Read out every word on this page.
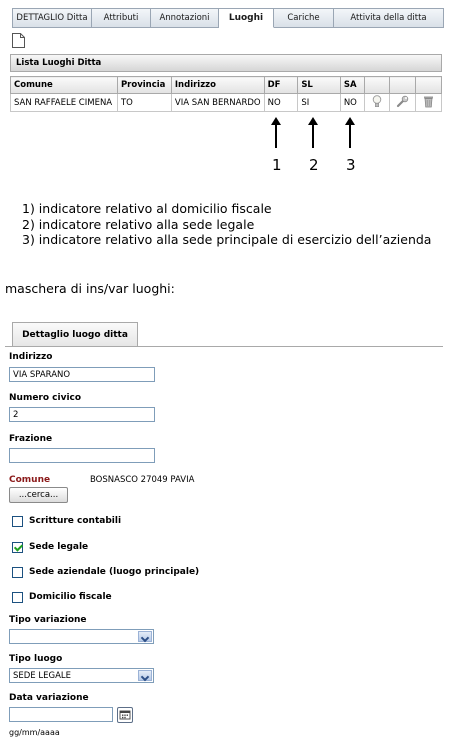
DETTAGLIO Ditta	Attributi	Annotazioni	Luoghi	Cariche	Attivita della ditta
Lista Luoghi Ditta
Comune	Provincia	Indirizzo	DF	SL	SA			
SAN RAFFAELE CIMENA	TO	VIA SAN BERNARDO	NO	SI	NO			
1 2 3
1) indicatore relativo al domicilio fiscale
2) indicatore relativo alla sede legale
3) indicatore relativo alla sede principale di esercizio dell’azienda
maschera di ins/var luoghi:
Dettaglio luogo ditta
Indirizzo
VIA SPARANO
Numero civico
2
Frazione
Comune	BOSNASCO 27049 PAVIA
...cerca...
Scritture contabili
Sede legale
Sede aziendale (luogo principale)
Domicilio fiscale
Tipo variazione
Tipo luogo
SEDE LEGALE
Data variazione
gg/mm/aaaa
